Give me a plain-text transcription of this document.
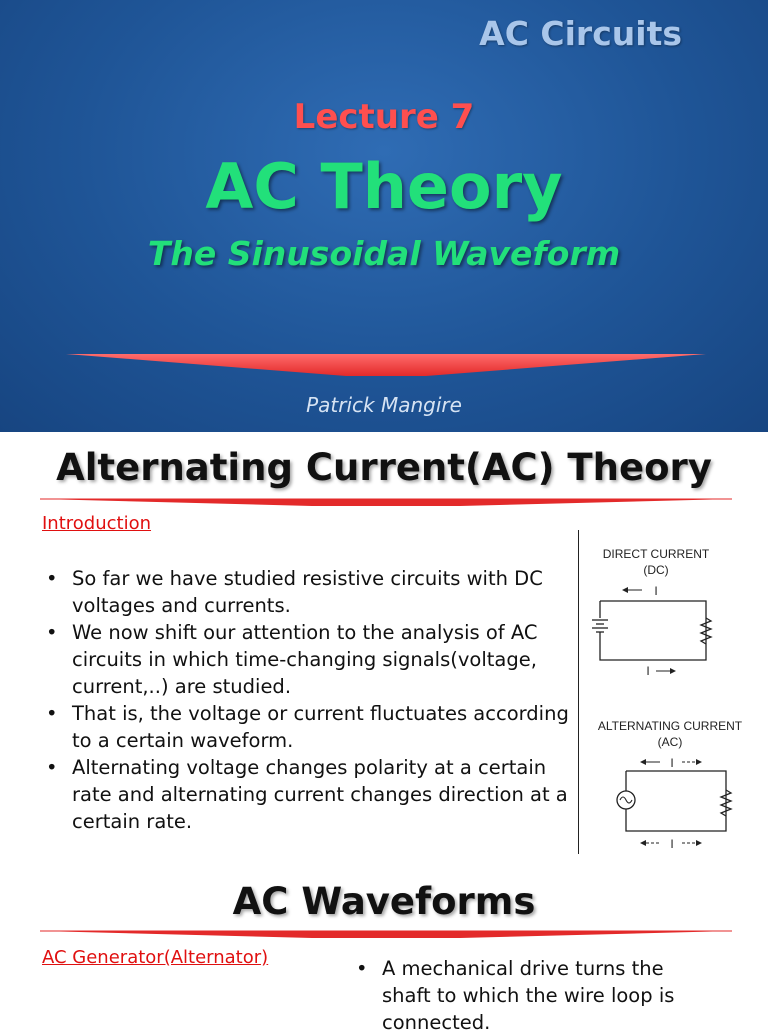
AC Circuits
Lecture 7
AC Theory
The Sinusoidal Waveform
Patrick Mangire
Alternating Current(AC) Theory
Introduction
• So far we have studied resistive circuits with DC voltages and currents.
• We now shift our attention to the analysis of AC circuits in which time-changing signals(voltage, current,..) are studied.
• That is, the voltage or current fluctuates according to a certain waveform.
• Alternating voltage changes polarity at a certain rate and alternating current changes direction at a certain rate.
DIRECT CURRENT
(DC)
I
I
ALTERNATING CURRENT
(AC)
I
I
AC Waveforms
AC Generator(Alternator)
•	A mechanical drive turns the shaft to which the wire loop is connected.
